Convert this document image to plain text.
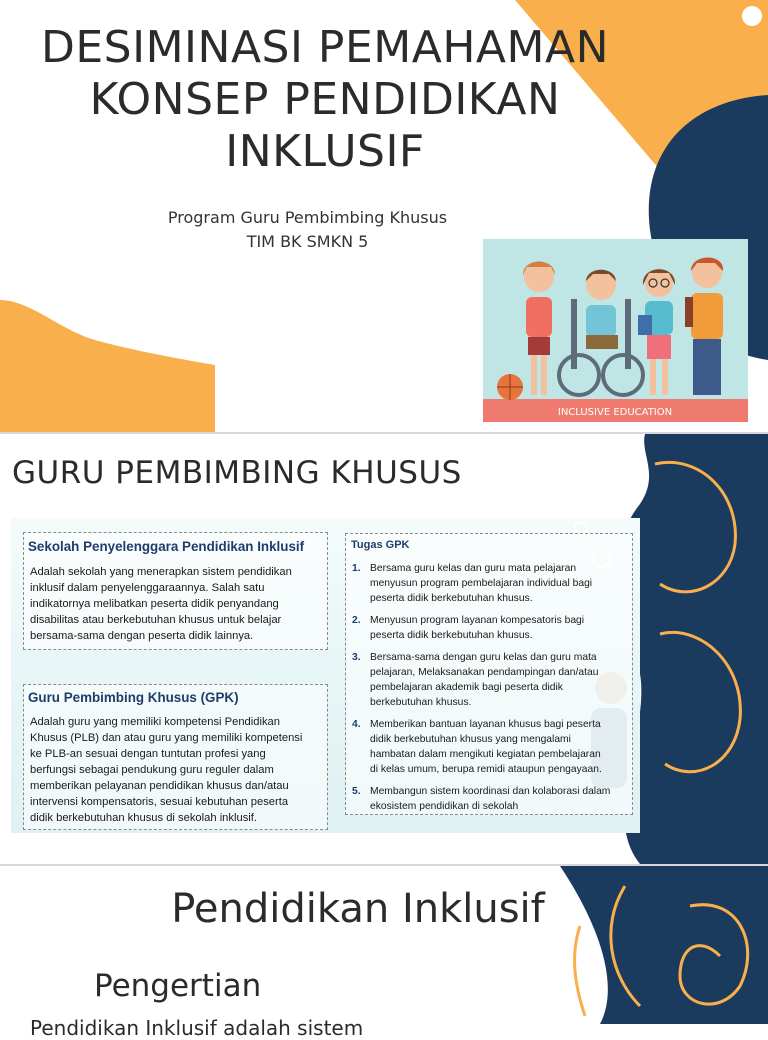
DESIMINASI PEMAHAMAN
KONSEP PENDIDIKAN
INKLUSIF
Program Guru Pembimbing Khusus
TIM BK SMKN 5
INCLUSIVE EDUCATION
GURU PEMBIMBING KHUSUS
Sekolah Penyelenggara Pendidikan Inklusif

Adalah sekolah yang menerapkan sistem pendidikan

inklusif dalam penyelenggaraannya. Salah satu

indikatornya melibatkan peserta didik penyandang

disabilitas atau berkebutuhan khusus untuk belajar

bersama-sama dengan peserta didik lainnya.

Guru Pembimbing Khusus (GPK)

Adalah guru yang memiliki kompetensi Pendidikan

Khusus (PLB) dan atau guru yang memiliki kompetensi

ke PLB-an sesuai dengan tuntutan profesi yang

berfungsi sebagai pendukung guru reguler dalam

memberikan pelayanan pendidikan khusus dan/atau

intervensi kompensatoris, sesuai kebutuhan peserta

didik berkebutuhan khusus di sekolah inklusif.

Tugas GPK
1. Bersama guru kelas dan guru mata pelajaran
menyusun program pembelajaran individual bagi
peserta didik berkebutuhan khusus.
2. Menyusun program layanan kompesatoris bagi
peserta didik berkebutuhan khusus.
3. Bersama-sama dengan guru kelas dan guru mata
pelajaran, Melaksanakan pendampingan dan/atau
pembelajaran akademik bagi peserta didik
berkebutuhan khusus.
4. Memberikan bantuan layanan khusus bagi peserta
didik berkebutuhan khusus yang mengalami
hambatan dalam mengikuti kegiatan pembelajaran
di kelas umum, berupa remidi ataupun pengayaan.
5. Membangun sistem koordinasi dan kolaborasi dalam
ekosistem pendidikan di sekolah
Pendidikan Inklusif
Pengertian
Pendidikan Inklusif adalah sistem
